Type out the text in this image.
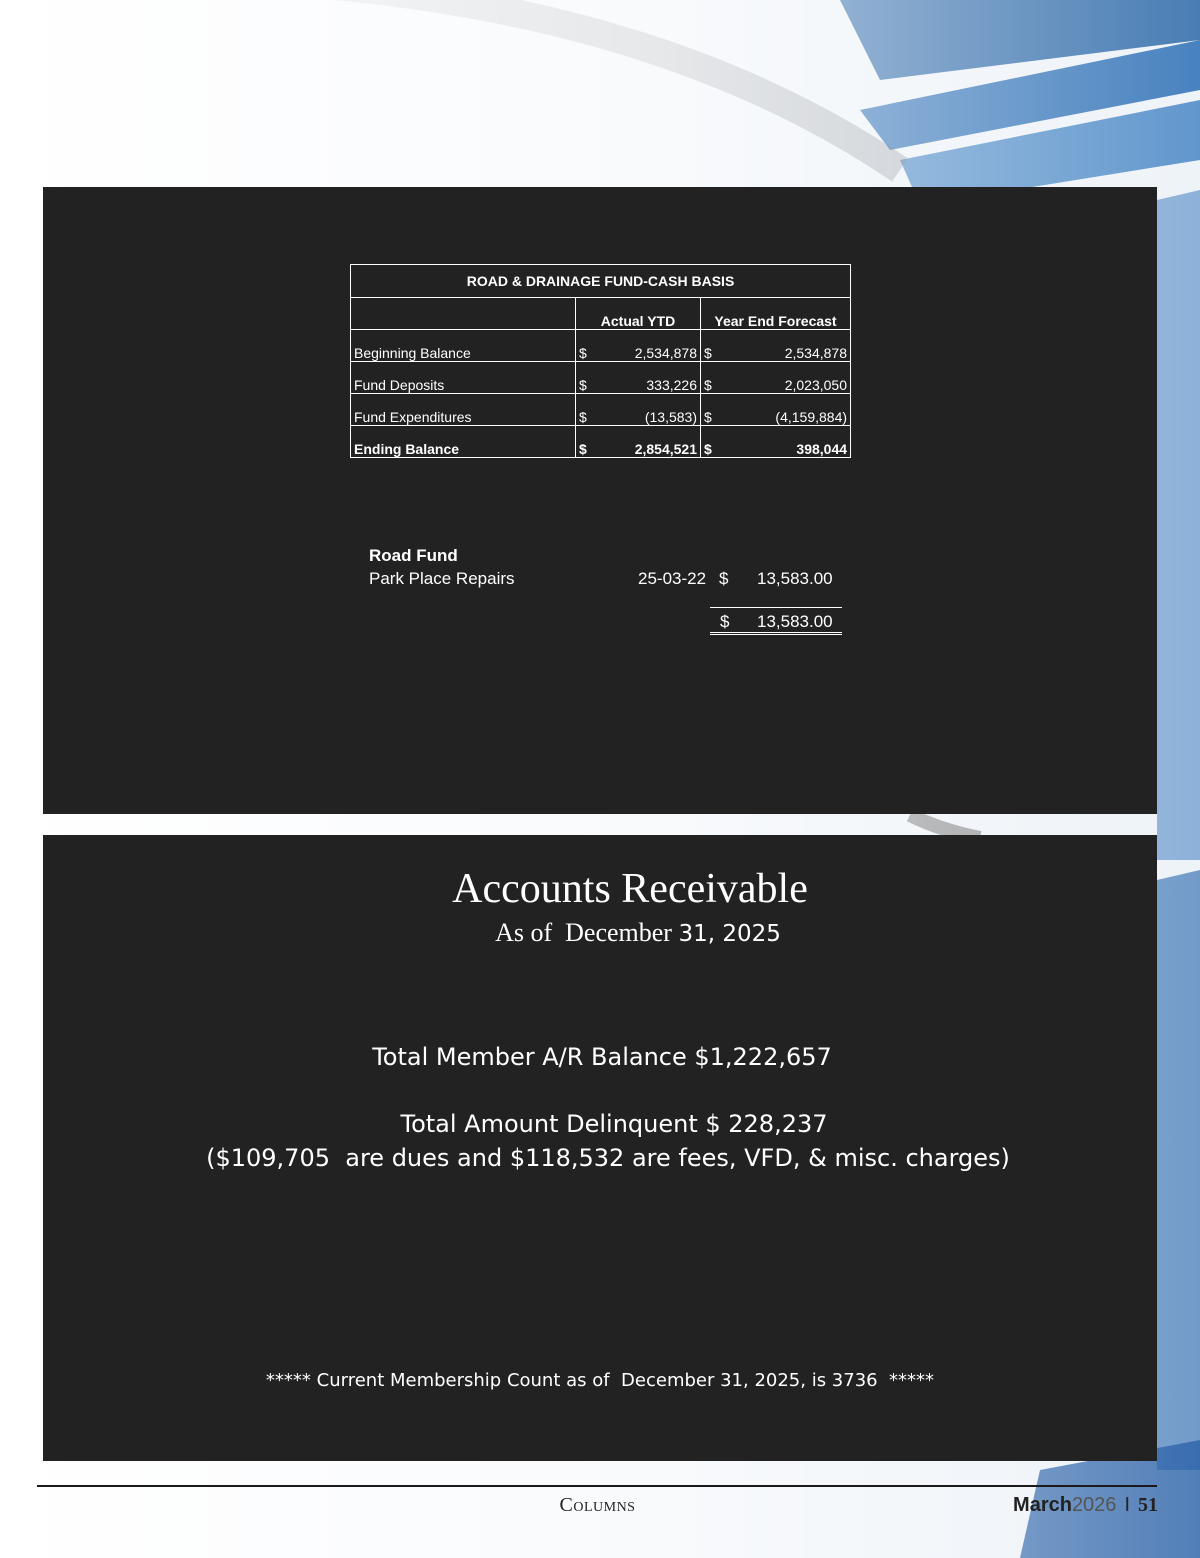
ROAD & DRAINAGE FUND-CASH BASIS		
	Actual YTD	Year End Forecast
Beginning Balance	$ 2,534,878	$ 2,534,878

Fund Deposits	$ 333,226	$ 2,023,050

Fund Expenditures	$ (13,583)	$ (4,159,884)

Ending Balance	$ 2,854,521	$ 398,044
Road Fund
Park Place Repairs	25-03-22 $ 13,583.00
$ 13,583.00
Accounts Receivable
As of  December 31, 2025
Total Member A/R Balance $1,222,657
Total Amount Delinquent $ 228,237
($109,705  are dues and $118,532 are fees, VFD, & misc. charges)
***** Current Membership Count as of  December 31, 2025, is 3736  *****
Columns	March2026 I 51
